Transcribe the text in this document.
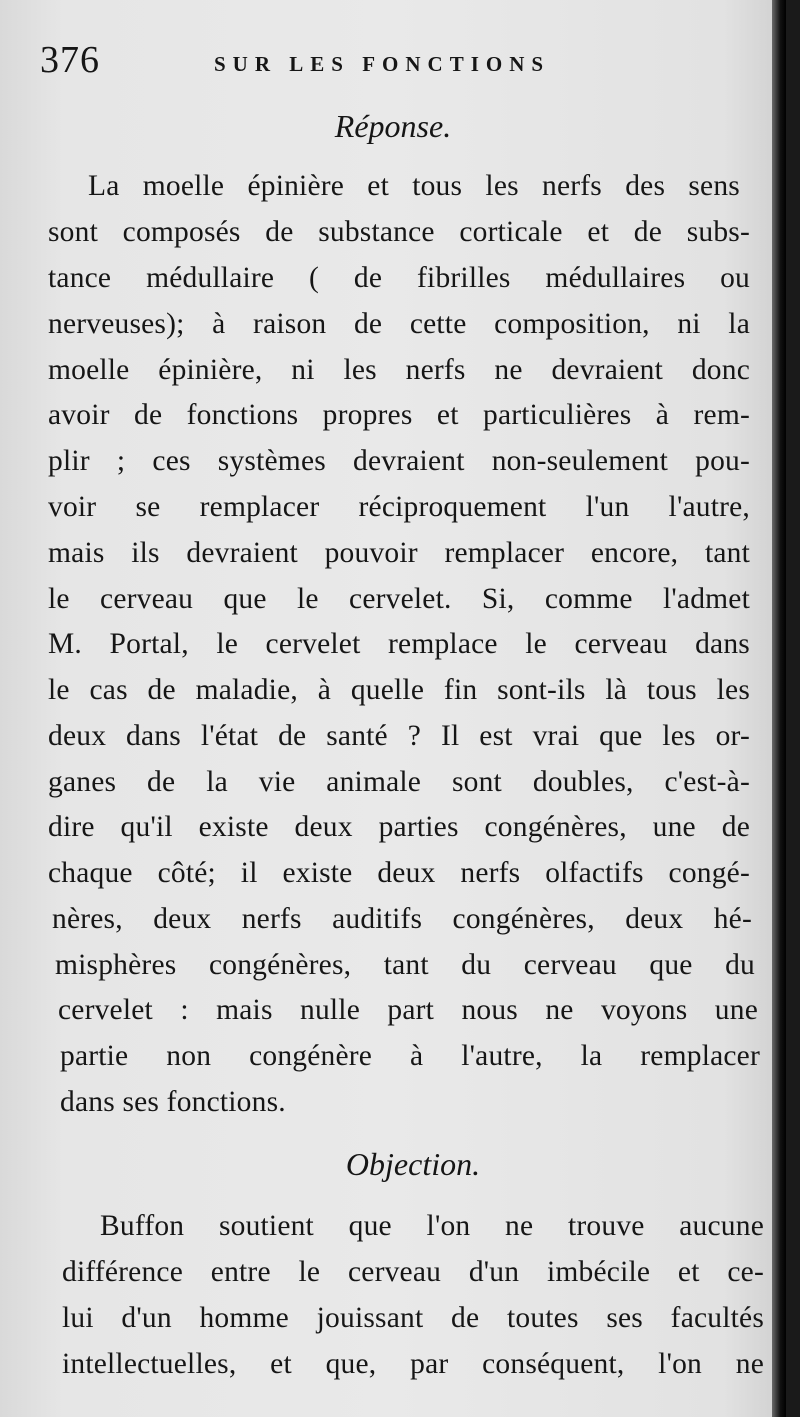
376	SUR LES FONCTIONS
Réponse.
La moelle épinière et tous les nerfs des sens
sont composés de substance corticale et de subs-
tance médullaire ( de fibrilles médullaires ou
nerveuses); à raison de cette composition, ni la
moelle épinière, ni les nerfs ne devraient donc
avoir de fonctions propres et particulières à rem-
plir ; ces systèmes devraient non-seulement pou-
voir se remplacer réciproquement l'un l'autre,
mais ils devraient pouvoir remplacer encore, tant
le cerveau que le cervelet. Si, comme l'admet
M. Portal, le cervelet remplace le cerveau dans
le cas de maladie, à quelle fin sont-ils là tous les
deux dans l'état de santé ? Il est vrai que les or-
ganes de la vie animale sont doubles, c'est-à-
dire qu'il existe deux parties congénères, une de
chaque côté; il existe deux nerfs olfactifs congé-
nères, deux nerfs auditifs congénères, deux hé-
misphères congénères, tant du cerveau que du
cervelet : mais nulle part nous ne voyons une
partie non congénère à l'autre, la remplacer
dans ses fonctions.
Objection.
Buffon soutient que l'on ne trouve aucune
différence entre le cerveau d'un imbécile et ce-
lui d'un homme jouissant de toutes ses facultés
intellectuelles, et que, par conséquent, l'on ne
